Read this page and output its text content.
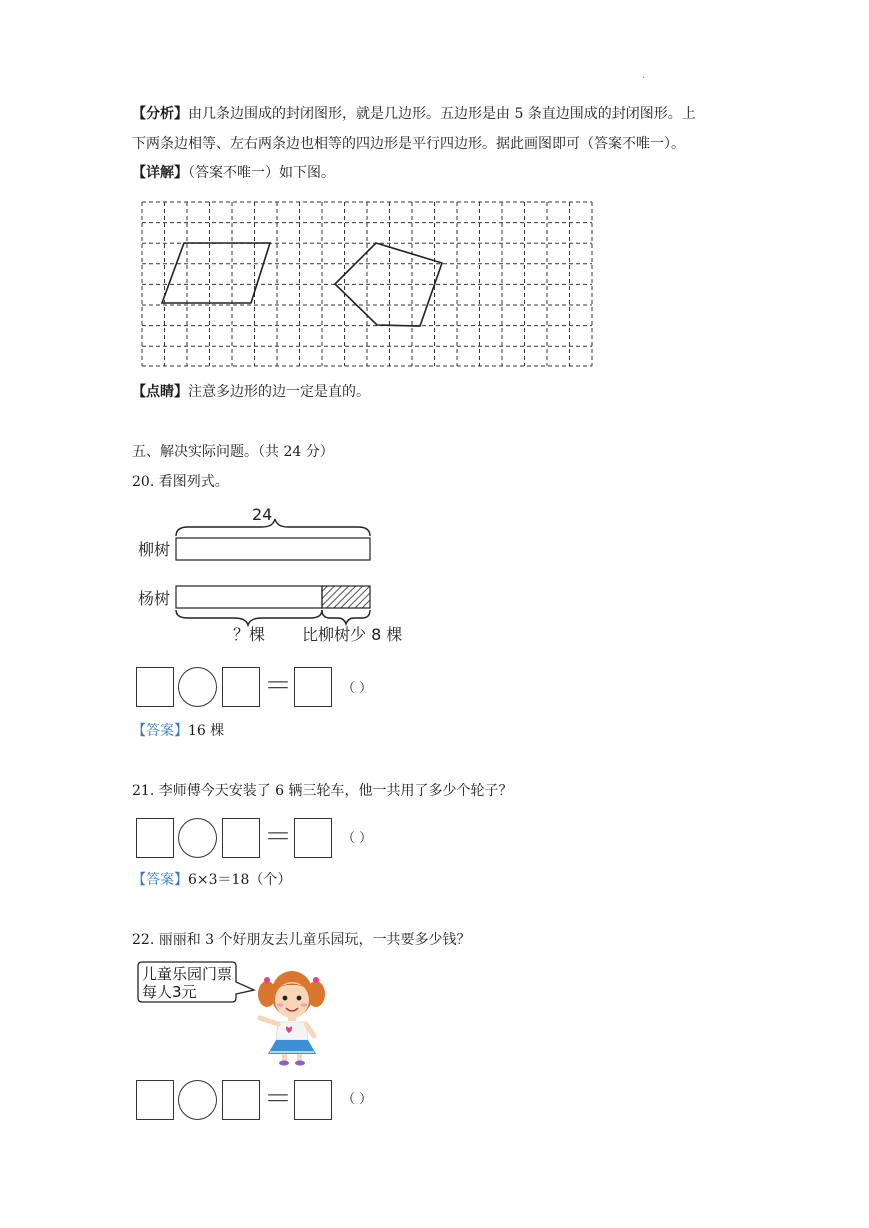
.
【分析】由几条边围成的封闭图形，就是几边形。五边形是由 5 条直边围成的封闭图形。上
下两条边相等、左右两条边也相等的四边形是平行四边形。据此画图即可（答案不唯一）。
【详解】（答案不唯一）如下图。
【点睛】注意多边形的边一定是直的。
五、解决实际问题。（共 24 分）
20. 看图列式。
24
柳树
杨树
？棵 比柳树少 8 棵
＝	（ ）
【答案】16 棵
21. 李师傅今天安装了 6 辆三轮车，他一共用了多少个轮子？
＝	（ ）
【答案】6×3＝18（个）
22. 丽丽和 3 个好朋友去儿童乐园玩，一共要多少钱？
儿童乐园门票
每人3元
＝	（ ）
